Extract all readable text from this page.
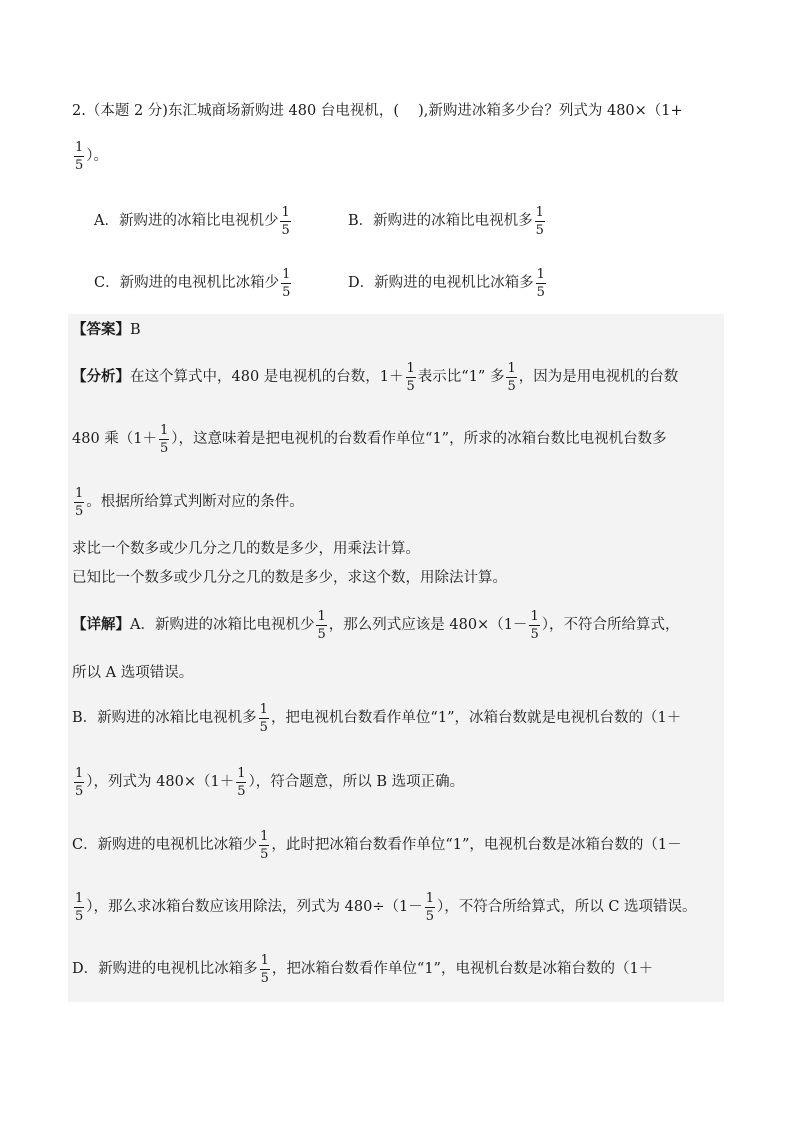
2.（本题 2 分)东汇城商场新购进 480 台电视机，(　 ),新购进冰箱多少台？列式为 480×（1+
$\frac{1}{5}$ ）。
A．新购进的冰箱比电视机少 $\frac{1}{5}$	B．新购进的冰箱比电视机多 $\frac{1}{5}$
C．新购进的电视机比冰箱少 $\frac{1}{5}$	D．新购进的电视机比冰箱多 $\frac{1}{5}$
【答案】B
【分析】在这个算式中，480 是电视机的台数，$1+ \frac{1}{5}$ 表示比“1” 多 $\frac{1}{5}$ ，因为是用电视机的台数
480 乘（$1+ \frac{1}{5}$ ），这意味着是把电视机的台数看作单位“1”，所求的冰箱台数比电视机台数多
$\frac{1}{5}$ 。根据所给算式判断对应的条件。
求比一个数多或少几分之几的数是多少，用乘法计算。
已知比一个数多或少几分之几的数是多少，求这个数，用除法计算。
【详解】A．新购进的冰箱比电视机少 $\frac{1}{5}$ ，那么列式应该是 $480\times(1- \frac{1}{5}$ ），不符合所给算式，
所以 A 选项错误。
B．新购进的冰箱比电视机多 $\frac{1}{5}$ ，把电视机台数看作单位“1”，冰箱台数就是电视机台数的（1＋
$\frac{1}{5}$ ），列式为 $480\times(1+ \frac{1}{5}$ ），符合题意，所以 B 选项正确。
C．新购进的电视机比冰箱少 $\frac{1}{5}$ ，此时把冰箱台数看作单位“1”，电视机台数是冰箱台数的（1－
$\frac{1}{5}$ ），那么求冰箱台数应该用除法，列式为 $480\div(1- \frac{1}{5}$ ），不符合所给算式，所以 C 选项错误。
D．新购进的电视机比冰箱多 $\frac{1}{5}$ ，把冰箱台数看作单位“1”，电视机台数是冰箱台数的（1＋
